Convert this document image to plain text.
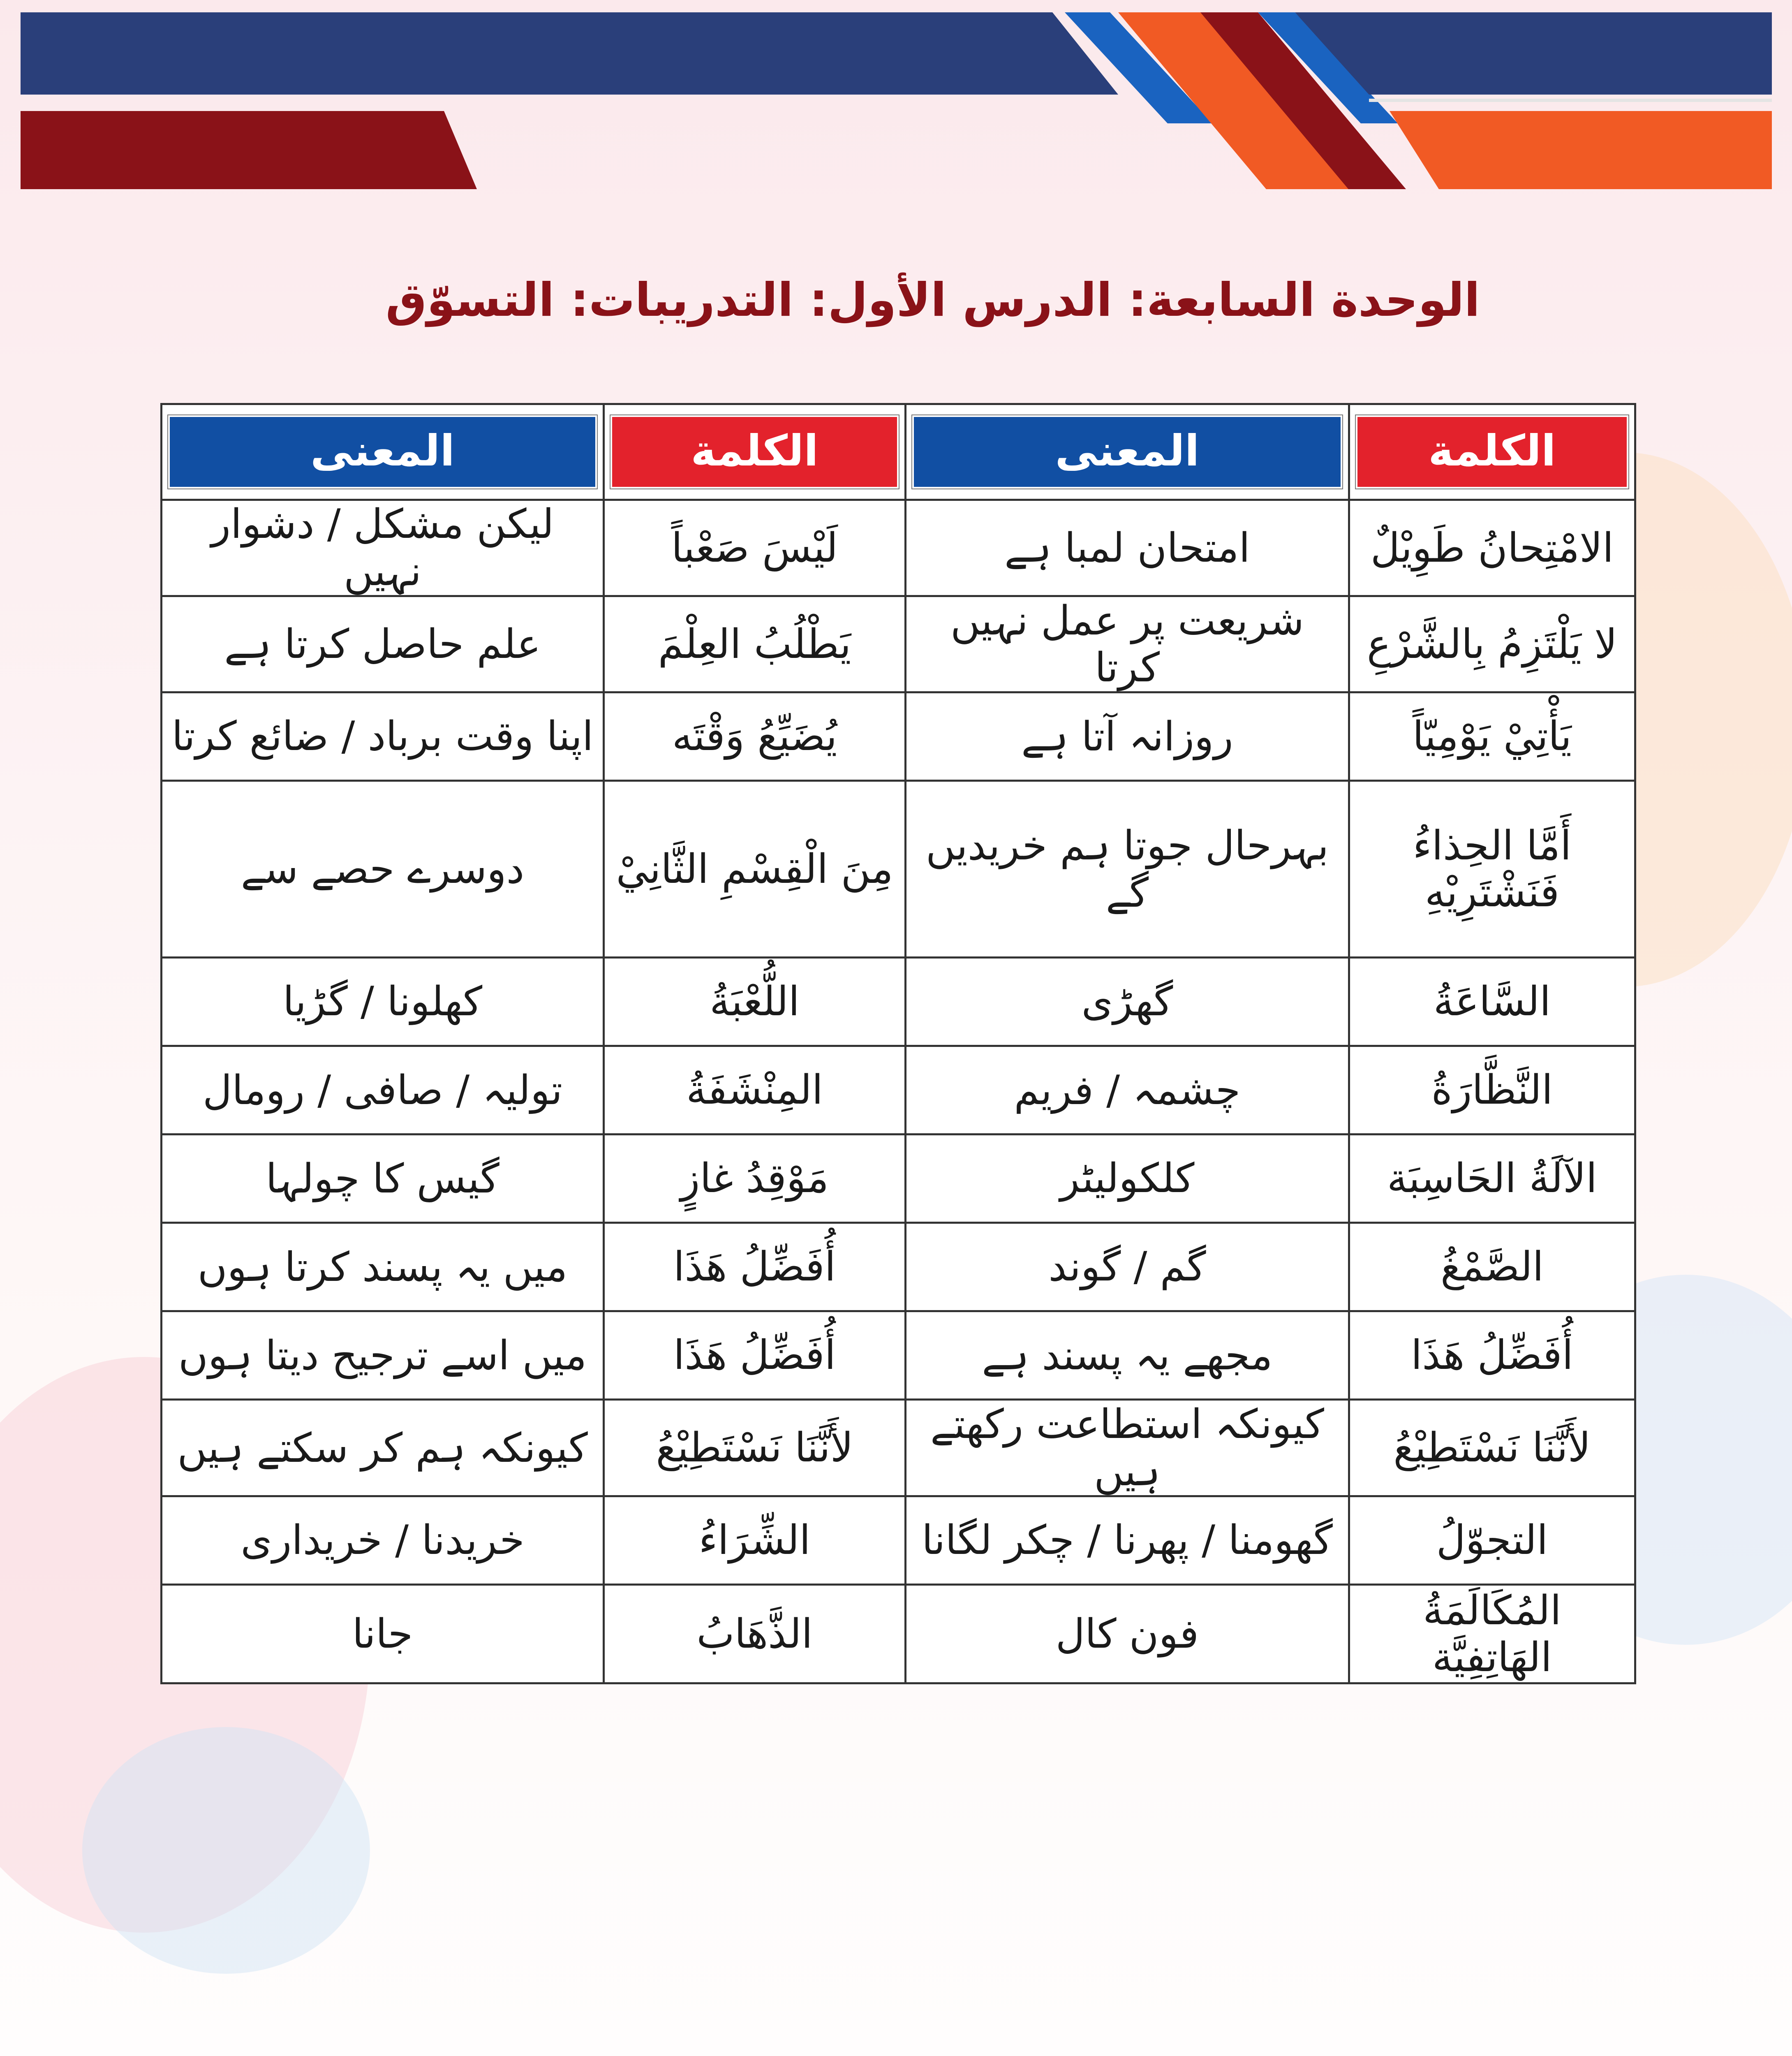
الوحدة السابعة: الدرس الأول: التدريبات: التسوّق
الكلمة	المعنى	الكلمة	المعنى

الامْتِحانُ طَوِيْلٌ	امتحان لمبا ہے	لَيْسَ صَعْباً	لیکن مشکل / دشوار نہیں
لا يَلْتَزِمُ بِالشَّرْعِ	شریعت پر عمل نہیں کرتا	يَطْلُبُ العِلْمَ	علم حاصل کرتا ہے
يَأْتِيْ يَوْمِيّاً	روزانہ آتا ہے	يُضَيِّعُ وَقْتَه	اپنا وقت برباد / ضائع کرتا
أَمَّا الحِذاءُ فَنَشْتَرِيْهِ	بہرحال جوتا ہم خریدیں گے	مِنَ الْقِسْمِ الثَّانِيْ	دوسرے حصے سے
السَّاعَةُ	گھڑی	اللُّعْبَةُ	کھلونا / گڑیا
النَّظَّارَةُ	چشمہ / فریم	المِنْشَفَةُ	تولیہ / صافی / رومال
الآلَةُ الحَاسِبَة	کلکولیٹر	مَوْقِدُ غازٍ	گیس کا چولہا
الصَّمْغُ	گم / گوند	أُفَضِّلُ هَذَا	میں یہ پسند کرتا ہوں
أُفَضِّلُ هَذَا	مجھے یہ پسند ہے	أُفَضِّلُ هَذَا	میں اسے ترجیح دیتا ہوں
لأَنَّنَا نَسْتَطِيْعُ	کیونکہ استطاعت رکھتے ہیں	لأَنَّنَا نَسْتَطِيْعُ	کیونکہ ہم کر سکتے ہیں
التجوّلُ	گھومنا / پھرنا / چکر لگانا	الشِّرَاءُ	خریدنا / خریداری
المُكَالَمَةُ الهَاتِفِيَّة	فون کال	الذَّهَابُ	جانا
